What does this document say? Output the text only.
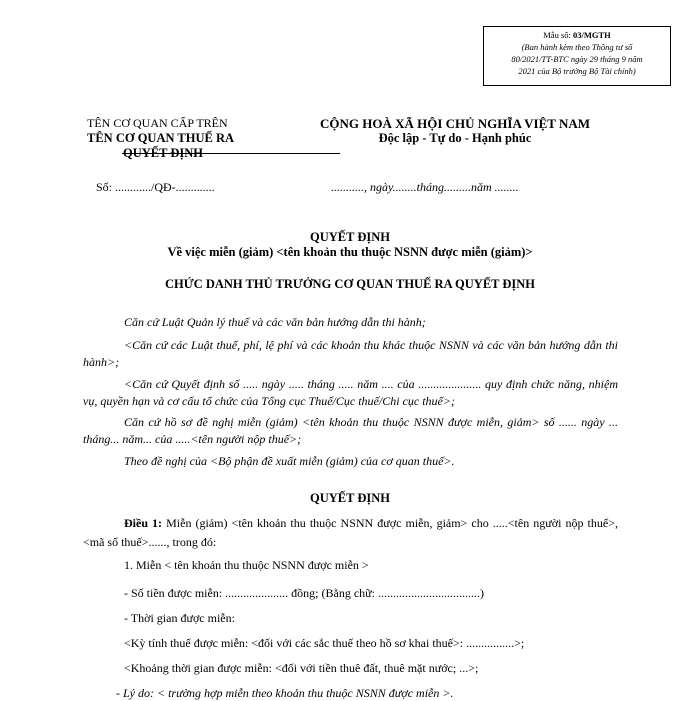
Mẫu số: 03/MGTH
(Ban hành kèm theo Thông tư số
80/2021/TT-BTC ngày 29 tháng 9 năm
2021 của Bộ trưởng Bộ Tài chính)
TÊN CƠ QUAN CẤP TRÊN
TÊN CƠ QUAN THUẾ RA
QUYẾT ĐỊNH
CỘNG HOÀ XÃ HỘI CHỦ NGHĨA VIỆT NAM
Độc lập - Tự do - Hạnh phúc
Số: ............/QĐ-.............	..........., ngày........tháng.........năm ........
QUYẾT ĐỊNH
Về việc miễn (giảm) <tên khoản thu thuộc NSNN được miễn (giảm)>
CHỨC DANH THỦ TRƯỞNG CƠ QUAN THUẾ RA QUYẾT ĐỊNH
Căn cứ Luật Quản lý thuế và các văn bản hướng dẫn thi hành;
<Căn cứ các Luật thuế, phí, lệ phí và các khoản thu khác thuộc NSNN và các văn bản hướng dẫn thi hành>;
<Căn cứ Quyết định số ..... ngày ..... tháng ..... năm .... của ..................... quy định chức năng, nhiệm vụ, quyền hạn và cơ cấu tổ chức của Tổng cục Thuế/Cục thuế/Chi cục thuế>;
Căn cứ hồ sơ đề nghị miễn (giảm) <tên khoản thu thuộc NSNN được miễn, giảm> số ...... ngày ... tháng... năm... của .....<tên người nộp thuế>;
Theo đề nghị của <Bộ phận đề xuất miễn (giảm) của cơ quan thuế>.
QUYẾT ĐỊNH
Điều 1: Miễn (giảm) <tên khoản thu thuộc NSNN được miễn, giảm> cho .....<tên người nộp thuế>,<mã số thuế>......, trong đó:
1. Miễn < tên khoản thu thuộc NSNN được miễn >
- Số tiền được miễn: ..................... đồng; (Bằng chữ: ..................................)
- Thời gian được miễn:
<Kỳ tính thuế được miễn: <đối với các sắc thuế theo hồ sơ khai thuế>: ................>;
<Khoảng thời gian được miễn: <đối với tiền thuê đất, thuê mặt nước; ...>;
- Lý do: < trường hợp miễn theo khoản thu thuộc NSNN được miễn >.
